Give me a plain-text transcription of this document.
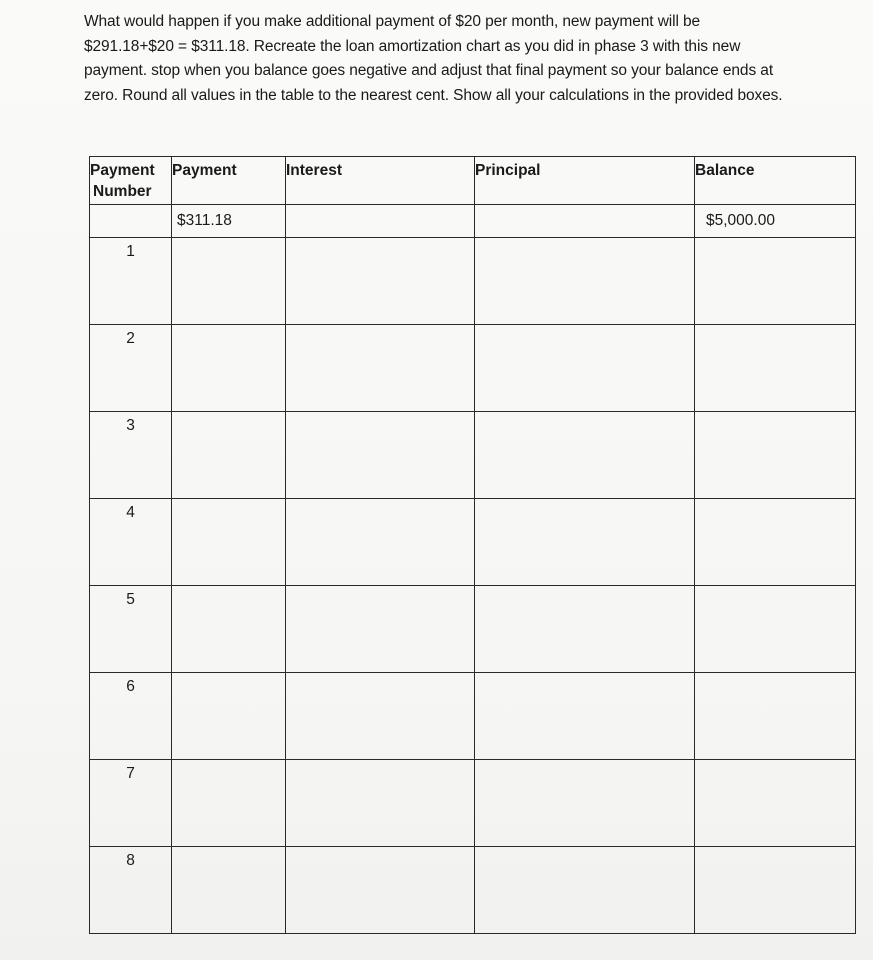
What would happen if you make additional payment of $20 per month, new payment will be

$291.18+$20 = $311.18. Recreate the loan amortization chart as you did in phase 3 with this new

payment. stop when you balance goes negative and adjust that final payment so your balance ends at

zero. Round all values in the table to the nearest cent. Show all your calculations in the provided boxes.

Payment
Number	Payment	Interest	Principal	Balance
	$311.18			$5,000.00
1				
2				
3				
4				
5				
6				
7				
8				
